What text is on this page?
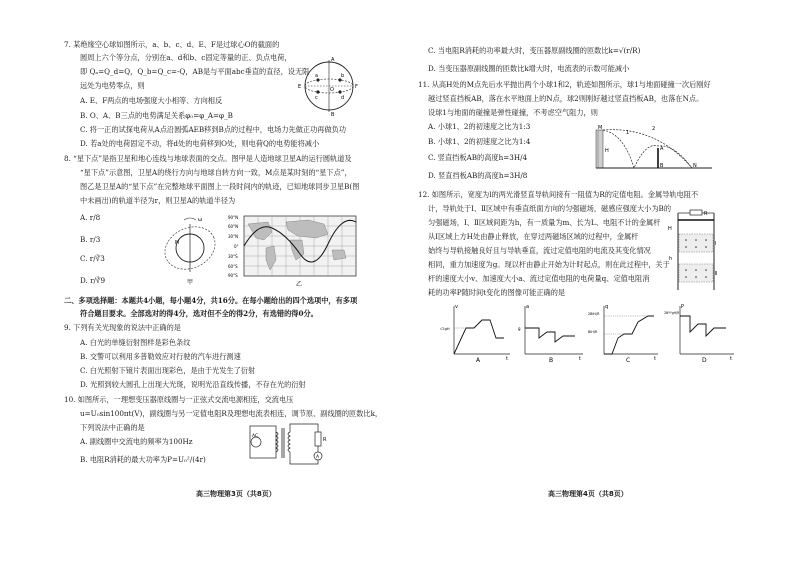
7. 某绝缘空心球如图所示，a、b、c、d、E、F是过球心O的截面的
圆周上六个等分点，分别在a、d和b、c固定等量的正、负点电荷，
即 Qₐ=Q_d=Q，Q_b=Q_c=-Q，AB是与平面abc垂直的直径，设无限
远处为电势零点，则
A. E、F两点的电场强度大小相等、方向相反
B. O、A、B三点的电势满足关系φ₀=φ_A=φ_B
C. 将一正的试探电荷从A点沿圆弧AEB移到B点的过程中，电场力先做正功再做负功
D. 若a处的电荷固定不动，将d处的电荷移到O处，则电荷Q的电势能将减小
8. “星下点”是指卫星和地心连线与地球表面的交点。图甲是人造地球卫星A的运行圆轨道及
“星下点”示意图，卫星A的绕行方向与地球自转方向一致，M点是某时刻的“星下点”，
图乙是卫星A的“星下点”在完整地球平面图上一段时间内的轨迹，已知地球同步卫星B(图
中未画出)的轨道半径为r，则卫星A的轨道半径为
A. r/8
B. r/3
C. r/∛3
D. r/∛9
二、多项选择题：本题共4小题，每小题4分，共16分。在每小题给出的四个选项中，有多项
符合题目要求。全部选对的得4分，选对但不全的得2分，有选错的得0分。
9. 下列有关光现象的说法中正确的是
A. 白光的单缝衍射图样是彩色条纹
B. 交警可以利用多普勒效应对行驶的汽车进行测速
C. 白光照射下镜片表面出现彩色，是由于光发生了衍射
D. 光照到较大圆孔上出现大光斑，说明光沿直线传播，不存在光的衍射
10. 如图所示，一理想变压器原线圈与一正弦式交流电源相连，交流电压
u=U₀sin100πt(V)，副线圈与另一定值电阻R及理想电流表相连，调节原、副线圈的匝数比k，
下列说法中正确的是
A. 副线圈中交流电的频率为100Hz
B. 电阻R消耗的最大功率为P=U₀²/(4r)
高三物理第3页（共8页）
C. 当电阻R消耗的功率最大时，变压器原副线圈的匝数比k=√(r/R)
D. 当变压器原副线圈的匝数比k增大时，电流表的示数可能减小
11. 从高H处的M点先后水平抛出两个小球1和2，轨迹如图所示，球1与地面碰撞一次后刚好
越过竖直挡板AB，落在水平地面上的N点，球2则刚好越过竖直挡板AB，也落在N点。
设球1与地面的碰撞是弹性碰撞，不考虑空气阻力，则
A. 小球1、2的初速度之比为1:3
B. 小球1、2的初速度之比为1:4
C. 竖直挡板AB的高度h=3H/4
D. 竖直挡板AB的高度h=3H/8
12. 如图所示，宽度为l的两光滑竖直导轨间接有一阻值为R的定值电阻。金属导轨电阻不
计，导轨处于Ⅰ、Ⅱ区域中有垂直纸面方向的匀强磁场，磁感应强度大小为B的
匀强磁场，Ⅰ、Ⅱ区域间距为h，有一质量为m、长为L、电阻不计的金属杆
从Ⅰ区域上方H处由静止释放，在穿过两磁场区域的过程中，金属杆
始终与导轨接触良好且与导轨垂直，流过定值电阻的电流及其变化情况
相同，重力加速度为g。现以杆由静止开始为计时起点，则在此过程中，关于
杆的速度大小v、加速度大小a、流过定值电阻的电荷量q、定值电阻消
耗的功率P随时间t变化的图像可能正确的是
高三物理第4页（共8页）
a	b
c	d
E	F
O
A
B
ω
M
甲
90°N
60°N
30°N
0°
30°S
60°S
90°S
乙
AC
R
A
M
1
2
H	A
B	N
R
H
h
Ⅰ
Ⅱ
v
√2gH
t
A
a
g
t
B
q
2BlH/R
BlH/R
t
C
P
2B²l²gH/R
t
D
